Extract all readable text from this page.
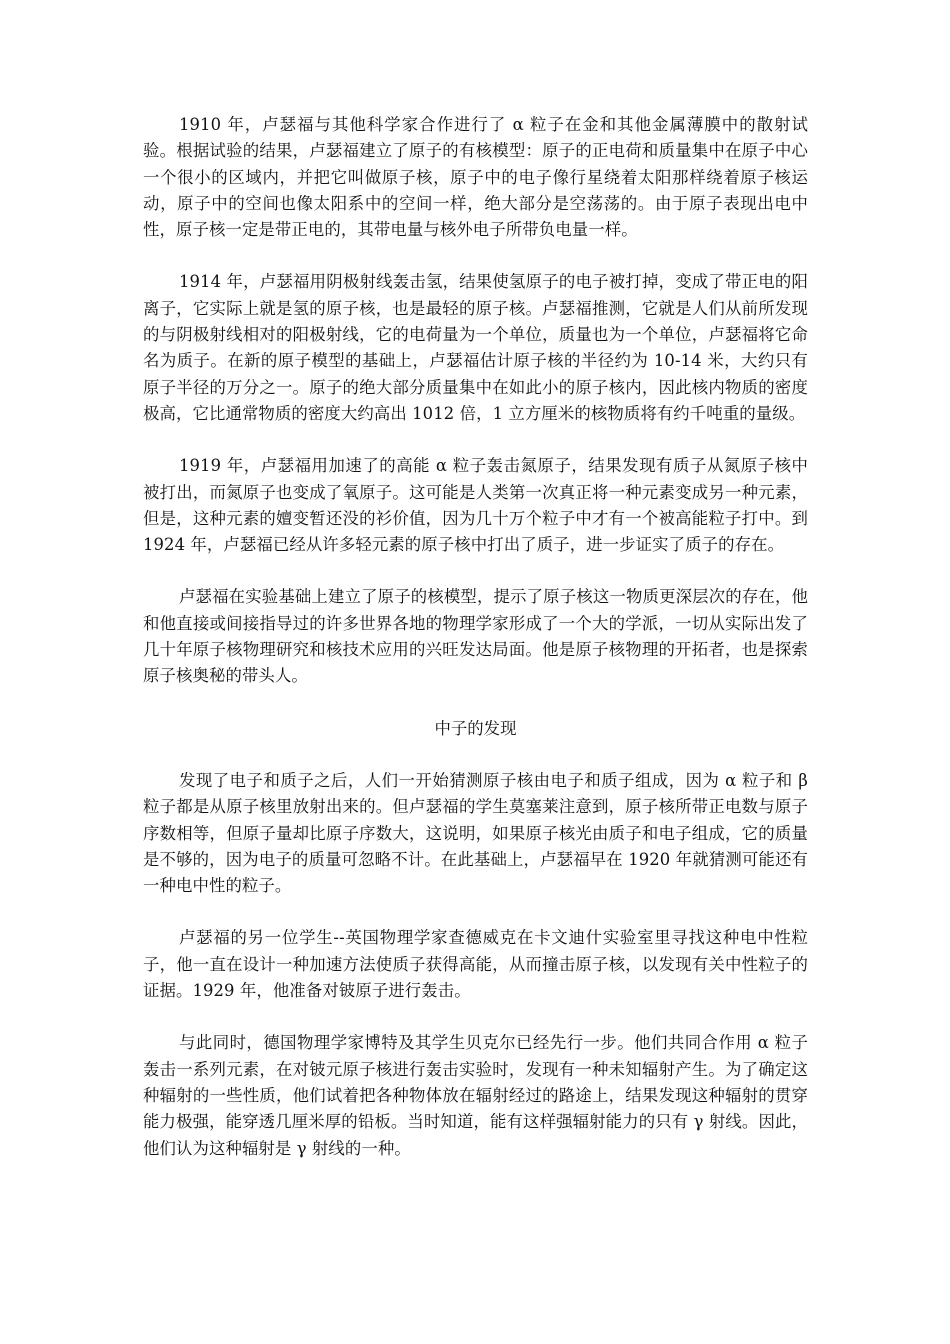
1910 年，卢瑟福与其他科学家合作进行了 α 粒子在金和其他金属薄膜中的散射试验。根据试验的结果，卢瑟福建立了原子的有核模型：原子的正电荷和质量集中在原子中心一个很小的区域内，并把它叫做原子核，原子中的电子像行星绕着太阳那样绕着原子核运动，原子中的空间也像太阳系中的空间一样，绝大部分是空荡荡的。由于原子表现出电中性，原子核一定是带正电的，其带电量与核外电子所带负电量一样。

1914 年，卢瑟福用阴极射线轰击氢，结果使氢原子的电子被打掉，变成了带正电的阳离子，它实际上就是氢的原子核，也是最轻的原子核。卢瑟福推测，它就是人们从前所发现的与阴极射线相对的阳极射线，它的电荷量为一个单位，质量也为一个单位，卢瑟福将它命名为质子。在新的原子模型的基础上，卢瑟福估计原子核的半径约为 10-14 米，大约只有原子半径的万分之一。原子的绝大部分质量集中在如此小的原子核内，因此核内物质的密度极高，它比通常物质的密度大约高出 1012 倍，1 立方厘米的核物质将有约千吨重的量级。

1919 年，卢瑟福用加速了的高能 α 粒子轰击氮原子，结果发现有质子从氮原子核中被打出，而氮原子也变成了氧原子。这可能是人类第一次真正将一种元素变成另一种元素，但是，这种元素的嬗变暂还没的衫价值，因为几十万个粒子中才有一个被高能粒子打中。到 1924 年，卢瑟福已经从许多轻元素的原子核中打出了质子，进一步证实了质子的存在。

卢瑟福在实验基础上建立了原子的核模型，提示了原子核这一物质更深层次的存在，他和他直接或间接指导过的许多世界各地的物理学家形成了一个大的学派，一切从实际出发了几十年原子核物理研究和核技术应用的兴旺发达局面。他是原子核物理的开拓者，也是探索原子核奥秘的带头人。

中子的发现

发现了电子和质子之后，人们一开始猜测原子核由电子和质子组成，因为 α 粒子和 β 粒子都是从原子核里放射出来的。但卢瑟福的学生莫塞莱注意到，原子核所带正电数与原子序数相等，但原子量却比原子序数大，这说明，如果原子核光由质子和电子组成，它的质量是不够的，因为电子的质量可忽略不计。在此基础上，卢瑟福早在 1920 年就猜测可能还有一种电中性的粒子。

卢瑟福的另一位学生--英国物理学家查德威克在卡文迪什实验室里寻找这种电中性粒子，他一直在设计一种加速方法使质子获得高能，从而撞击原子核，以发现有关中性粒子的证据。1929 年，他准备对铍原子进行轰击。

与此同时，德国物理学家博特及其学生贝克尔已经先行一步。他们共同合作用 α 粒子轰击一系列元素，在对铍元原子核进行轰击实验时，发现有一种未知辐射产生。为了确定这种辐射的一些性质，他们试着把各种物体放在辐射经过的路途上，结果发现这种辐射的贯穿能力极强，能穿透几厘米厚的铅板。当时知道，能有这样强辐射能力的只有 γ 射线。因此，他们认为这种辐射是 γ 射线的一种。
